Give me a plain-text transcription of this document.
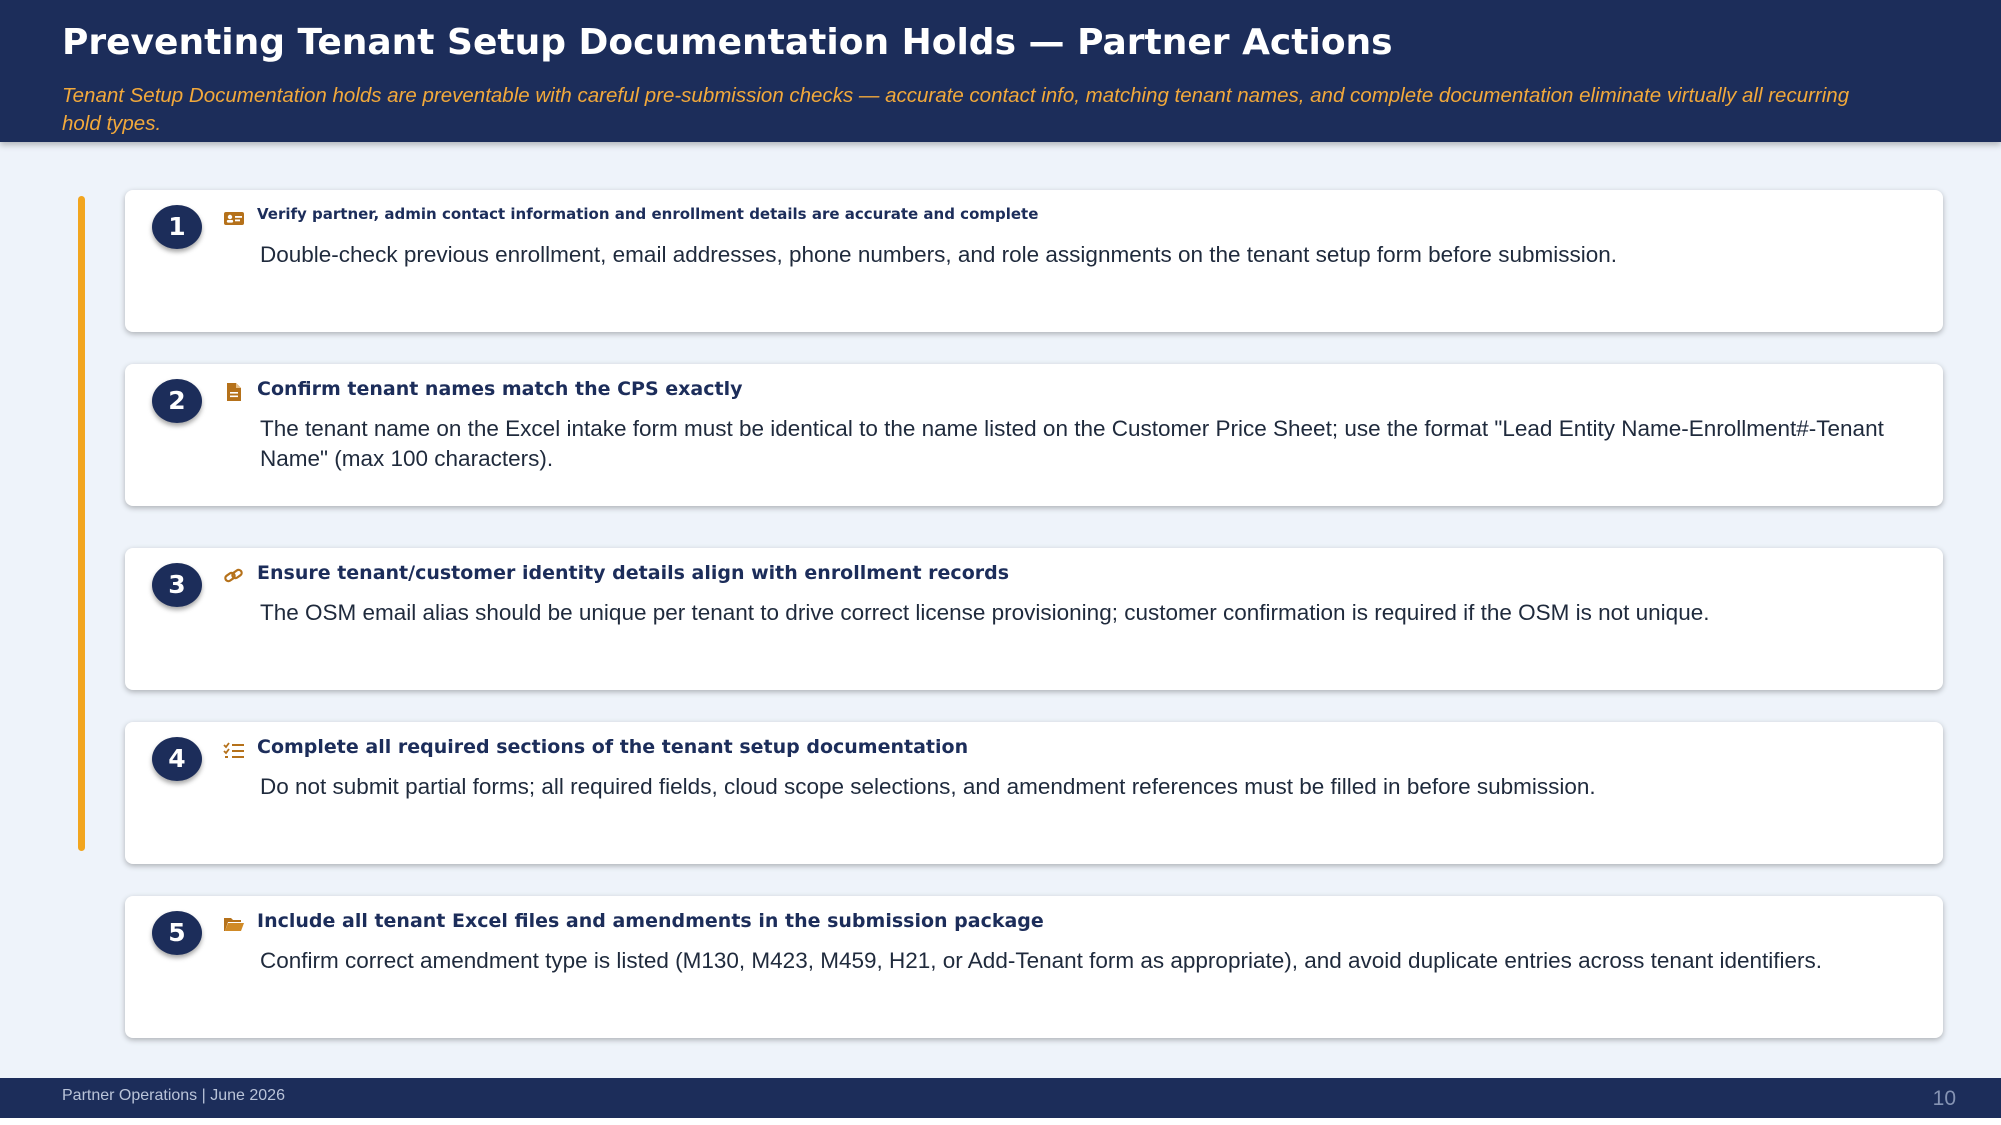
Preventing Tenant Setup Documentation Holds — Partner Actions
Tenant Setup Documentation holds are preventable with careful pre-submission checks — accurate contact info, matching tenant names, and complete documentation eliminate virtually all recurring hold types.
1	Verify partner, admin contact information and enrollment details are accurate and complete
Double-check previous enrollment, email addresses, phone numbers, and role assignments on the tenant setup form before submission.
2	Confirm tenant names match the CPS exactly
The tenant name on the Excel intake form must be identical to the name listed on the Customer Price Sheet; use the format "Lead Entity Name-Enrollment#-Tenant Name" (max 100 characters).
3	Ensure tenant/customer identity details align with enrollment records
The OSM email alias should be unique per tenant to drive correct license provisioning; customer confirmation is required if the OSM is not unique.
4	Complete all required sections of the tenant setup documentation
Do not submit partial forms; all required fields, cloud scope selections, and amendment references must be filled in before submission.
5	Include all tenant Excel files and amendments in the submission package
Confirm correct amendment type is listed (M130, M423, M459, H21, or Add-Tenant form as appropriate), and avoid duplicate entries across tenant identifiers.
Partner Operations | June 2026	10
